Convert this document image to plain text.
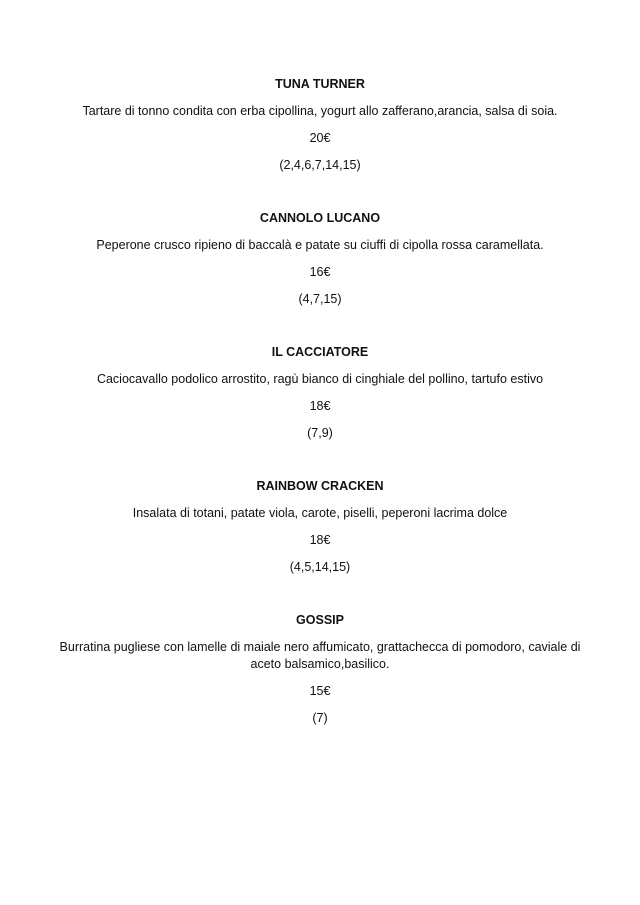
TUNA TURNER
Tartare di tonno condita con erba cipollina, yogurt allo zafferano,arancia, salsa di soia.
20€
(2,4,6,7,14,15)
CANNOLO LUCANO
Peperone crusco ripieno di baccalà e patate su ciuffi di cipolla rossa caramellata.
16€
(4,7,15)
IL CACCIATORE
Caciocavallo podolico arrostito, ragù bianco di cinghiale del pollino, tartufo estivo
18€
(7,9)
RAINBOW CRACKEN
Insalata di totani, patate viola, carote, piselli, peperoni lacrima dolce
18€
(4,5,14,15)
GOSSIP
Burratina pugliese con lamelle di maiale nero affumicato, grattachecca di pomodoro, caviale di aceto balsamico,basilico.
15€
(7)
